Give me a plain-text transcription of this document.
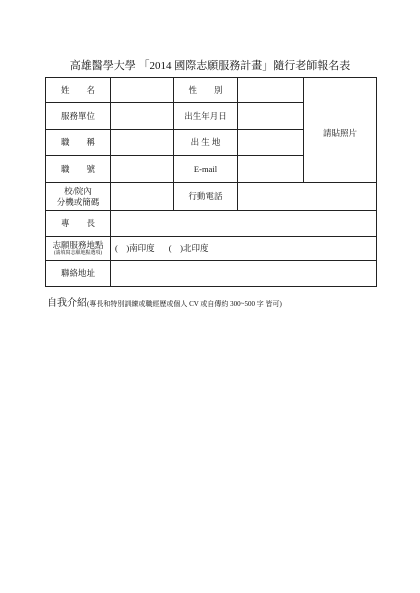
高雄醫學大學 「2014 國際志願服務計畫」隨行老師報名表
姓　　名		性　　別		請貼照片
服務單位		出生年月日		
職　　稱		出 生 地		
職　　號		E-mail		
校/院內
分機或簡碼		行動電話		
專　　長				
志願服務地點
(請填寫志願地點選項)	(　)南印度 (　)北印度			
聯絡地址				
自我介紹(專長和特別訓練或職經歷或個人 CV 或自傳約 300~500 字 皆可)
